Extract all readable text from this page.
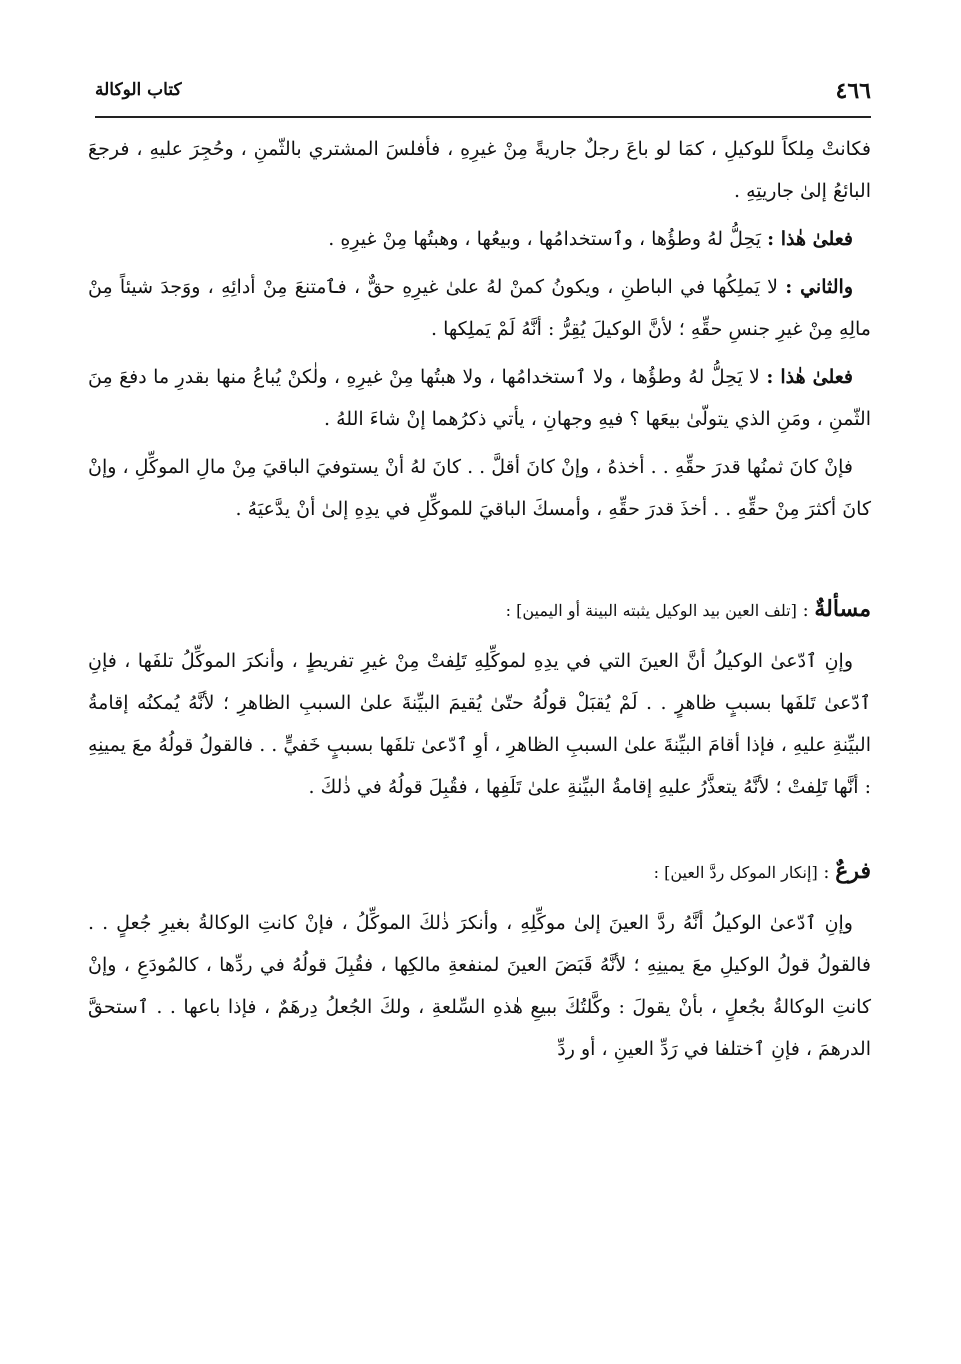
٤٦٦
كتاب الوكالة

فكانتْ مِلكاً للوكيلِ ، كمَا لو باعَ رجلٌ جاريةً مِنْ غيرِهِ ، فأفلسَ المشتري بالثّمنِ ، وحُجِرَ عليهِ ، فرجعَ البائعُ إلىٰ جاريتِهِ .

فعلىٰ هٰذا : يَحِلُّ لهُ وطؤُها ، وٱستخدامُها ، وبيعُها ، وهبتُها مِنْ غيرِهِ .

والثاني : لا يَملِكُها في الباطنِ ، ويكونُ كمنْ لهُ علىٰ غيرِهِ حقٌّ ، فٱمتنعَ مِنْ أدائِهِ ، ووَجدَ شيئاً مِنْ مالِهِ مِنْ غيرِ جنسِ حقِّهِ ؛ لأنَّ الوكيلَ يُقِرُّ : أنَّهُ لَمْ يَملِكها .

فعلىٰ هٰذا : لا يَحِلُّ لهُ وطؤُها ، ولا ٱستخدامُها ، ولا هبتُها مِنْ غيرِهِ ، ولٰكنْ يُباعُ منها بقدرِ ما دفعَ مِنَ الثّمنِ ، ومَنِ الذي يتولّىٰ بيعَها ؟ فيهِ وجهانِ ، يأتي ذكرُهما إنْ شاءَ اللهُ .

فإنْ كانَ ثمنُها قدرَ حقِّهِ . . أخذهُ ، وإنْ كانَ أقلَّ . . كانَ لهُ أنْ يستوفيَ الباقيَ مِنْ مالِ الموكِّلِ ، وإنْ كانَ أكثرَ مِنْ حقِّهِ . . أخذَ قدرَ حقِّهِ ، وأمسكَ الباقيَ للموكِّلِ في يدِهِ إلىٰ أنْ يدَّعيَهُ .

مسألةٌ : [تلف العين بيد الوكيل يثبته البينة أو اليمين] :

وإنِ ٱدّعىٰ الوكيلُ أنَّ العينَ التي في يدِهِ لموكِّلِهِ تَلِفتْ مِنْ غيرِ تفريطٍ ، وأنكرَ الموكِّلُ تلفَها ، فإنِ ٱدّعىٰ تَلفَها بسببٍ ظاهرٍ . . لَمْ يُقبَلْ قولُهُ حتّىٰ يُقيمَ البيِّنةَ علىٰ السببِ الظاهرِ ؛ لأنَّهُ يُمكنُه إقامةُ البيِّنةِ عليهِ ، فإذا أقامَ البيِّنةَ علىٰ السببِ الظاهرِ ، أوِ ٱدّعىٰ تلفَها بسببٍ خَفيٍّ . . فالقولُ قولُهُ معَ يمينِهِ : أنَّها تَلِفتْ ؛ لأنَّهُ يتعذَّرُ عليهِ إقامةُ البيِّنةِ علىٰ تَلَفِها ، فقُبِلَ قولُهُ في ذٰلكَ .

فرعٌ : [إنكار الموكل ردَّ العين] :

وإنِ ٱدّعىٰ الوكيلُ أنَّهُ ردَّ العينَ إلىٰ موكِّلِهِ ، وأنكرَ ذٰلكَ الموكِّلُ ، فإنْ كانتِ الوكالةُ بغيرِ جُعلٍ . . فالقولُ قولُ الوكيلِ معَ يمينِهِ ؛ لأنَّهُ قَبَضَ العينَ لمنفعةِ مالكِها ، فقُبِلَ قولُهُ في ردِّها ، كالمُودَعِ ، وإنْ كانتِ الوكالةُ بجُعلٍ ، بأنْ يقولَ : وكَّلتُكَ ببيعِ هٰذهِ السِّلعةِ ، ولكَ الجُعلُ دِرهَمٌ ، فإذا باعها . . ٱستحقَّ الدرهمَ ، فإنِ ٱختلفا في رَدِّ العينِ ، أو ردِّ
